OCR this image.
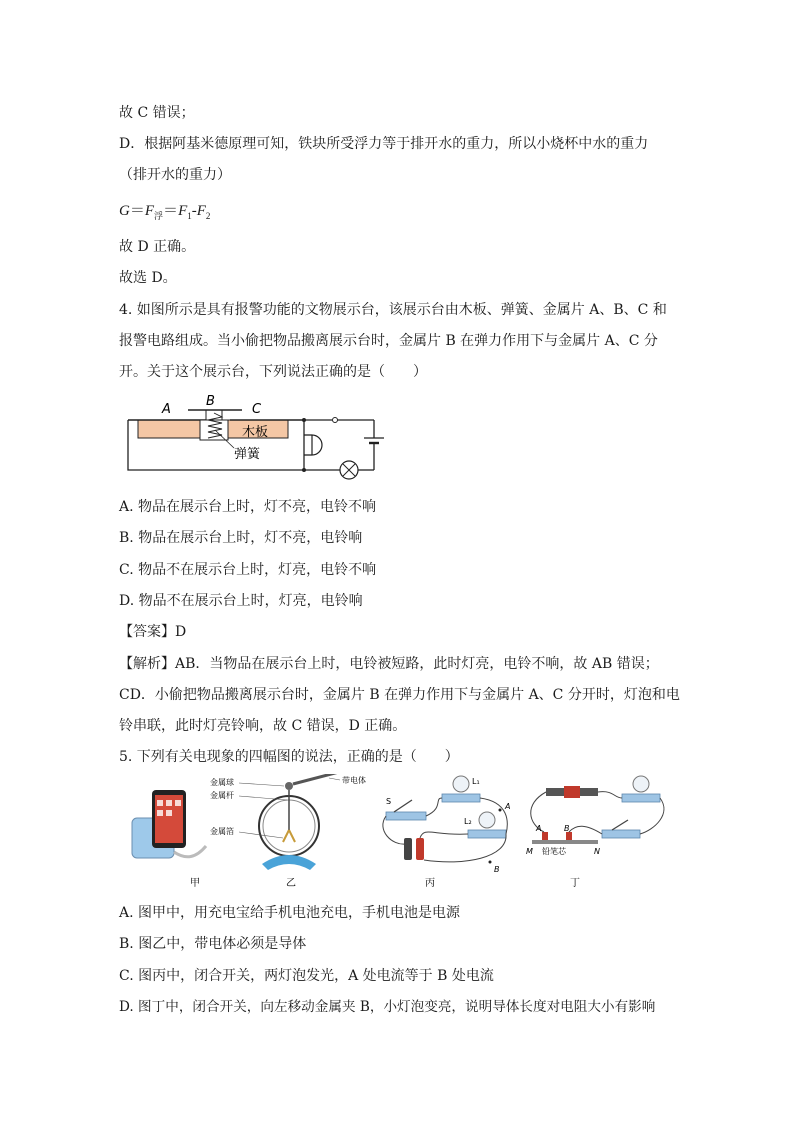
故 C 错误；
D．根据阿基米德原理可知，铁块所受浮力等于排开水的重力，所以小烧杯中水的重力
（排开水的重力）
$G=F_浮=F_1-F_2$
故 D 正确。
故选 D。
4. 如图所示是具有报警功能的文物展示台，该展示台由木板、弹簧、金属片 A、B、C 和
报警电路组成。当小偷把物品搬离展示台时，金属片 B 在弹力作用下与金属片 A、C 分
开。关于这个展示台，下列说法正确的是（　　）
A
B
C
木板
弹簧
A. 物品在展示台上时，灯不亮，电铃不响
B. 物品在展示台上时，灯不亮，电铃响
C. 物品不在展示台上时，灯亮，电铃不响
D. 物品不在展示台上时，灯亮，电铃响
【答案】D
【解析】AB．当物品在展示台上时，电铃被短路，此时灯亮，电铃不响，故 AB 错误；
CD．小偷把物品搬离展示台时，金属片 B 在弹力作用下与金属片 A、C 分开时，灯泡和电
铃串联，此时灯亮铃响，故 C 错误，D 正确。
5. 下列有关电现象的四幅图的说法，正确的是（　　）
甲
金属球
金属杆
金属箔
带电体
乙
S
L₁
L₂
A
B
丙
A	B
M 铅笔芯	N
丁
A. 图甲中，用充电宝给手机电池充电，手机电池是电源
B. 图乙中，带电体必须是导体
C. 图丙中，闭合开关，两灯泡发光，A 处电流等于 B 处电流
D. 图丁中，闭合开关，向左移动金属夹 B，小灯泡变亮，说明导体长度对电阻大小有影响
